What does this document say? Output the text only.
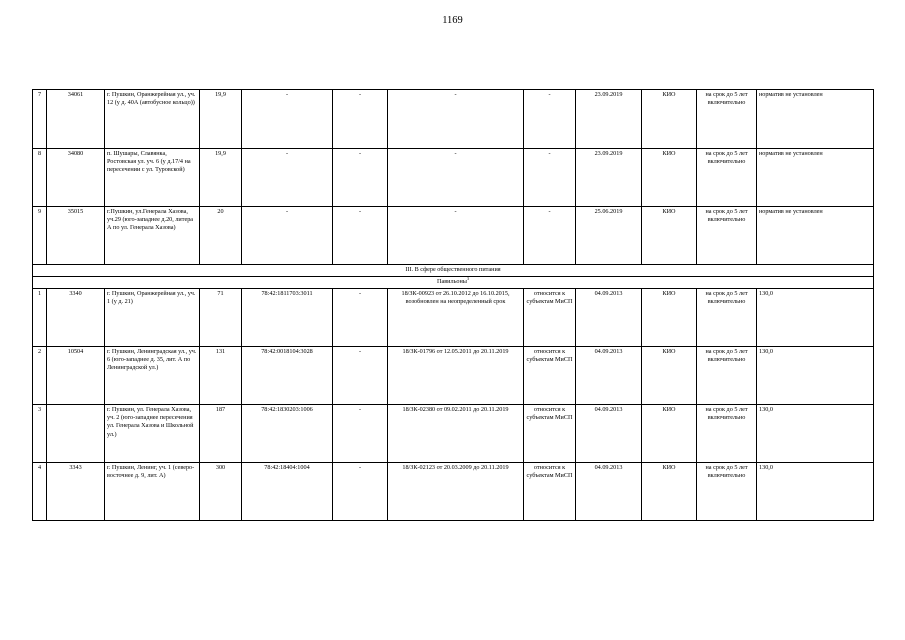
1169
7	34061	г. Пушкин, Оранжерейная ул., уч. 12 (у д. 40А (автобусное кольцо))	19,9	-	-	-	-	23.09.2019	КИО	на срок до 5 лет включительно	норматив не установлен
8	34080	п. Шушары, Славянка, Ростовская ул. уч. 6 (у д.17/4 на пересечении с ул. Туровской)	19,9	-	-	-	-	23.09.2019	КИО	на срок до 5 лет включительно	норматив не установлен
9	35015	г.Пушкин, ул.Генерала Хазова, уч.29 (юго-западнее д.20, литера А по ул. Генерала Хазова)	20	-	-	-	-	25.06.2019	КИО	на срок до 5 лет включительно	норматив не установлен
III. В сфере общественного питания											
Павильоны$^3$
1	3340	г. Пушкин, Оранжерейная ул., уч. 1 (у д. 21)	71	78:42:1811703:3011	-	18/ЗК-00923 от 26.10.2012 до 16.10.2015, возобновлен на неопределенный срок	относится к субъектам МиСП	04.09.2013	КИО	на срок до 5 лет включительно	130,0
2	10504	г. Пушкин, Ленинградская ул., уч. 6 (юго-западнее д. 35, лит. А по Ленинградской ул.)	131	78:42:0018104:3028	-	18/ЗК-01796 от 12.05.2011 до 20.11.2019	относится к субъектам МиСП	04.09.2013	КИО	на срок до 5 лет включительно	130,0
3		г. Пушкин, ул. Генерала Хазова, уч. 2 (юго-западнее пересечения ул. Генерала Хазова и Школьной ул.)	187	78:42:1830203:1006	-	18/ЗК-02380 от 09.02.2011 до 20.11.2019	относится к субъектам МиСП	04.09.2013	КИО	на срок до 5 лет включительно	130,0
4	3343	г. Пушкин, Ленинг, уч. 1 (северо-восточнее д. 9, лит. А)	300	78:42:18404:1004	-	18/ЗК-02123 от 20.03.2009 до 20.11.2019	относится к субъектам МиСП	04.09.2013	КИО	на срок до 5 лет включительно	130,0
